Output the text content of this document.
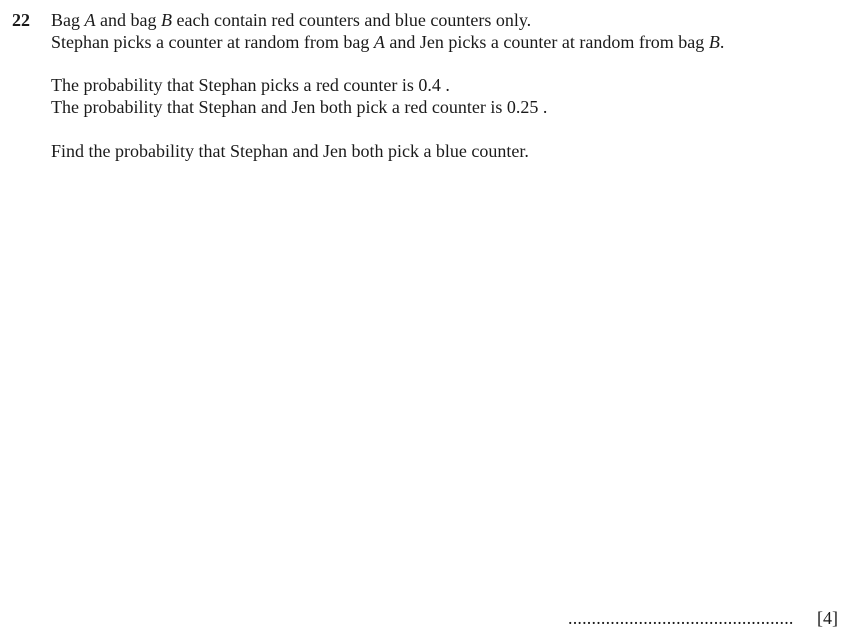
22 Bag A and bag B each contain red counters and blue counters only.
Stephan picks a counter at random from bag A and Jen picks a counter at random from bag B.
The probability that Stephan picks a red counter is 0.4 .
The probability that Stephan and Jen both pick a red counter is 0.25 .
Find the probability that Stephan and Jen both pick a blue counter.
................................................ [4]
